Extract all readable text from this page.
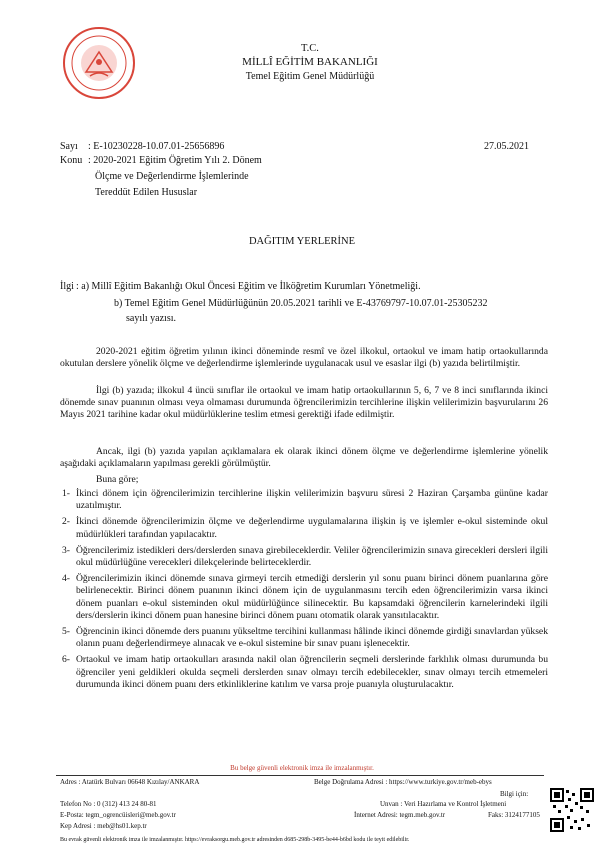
T.C.
MİLLÎ EĞİTİM BAKANLIĞI
Temel Eğitim Genel Müdürlüğü
Sayı : E-10230228-10.07.01-25656896	27.05.2021
Konu : 2020-2021 Eğitim Öğretim Yılı 2. Dönem
Ölçme ve Değerlendirme İşlemlerinde
Tereddüt Edilen Hususlar
DAĞITIM YERLERİNE
İlgi : a) Millî Eğitim Bakanlığı Okul Öncesi Eğitim ve İlköğretim Kurumları Yönetmeliği.
b) Temel Eğitim Genel Müdürlüğünün 20.05.2021 tarihli ve E-43769797-10.07.01-25305232
sayılı yazısı.
2020-2021 eğitim öğretim yılının ikinci döneminde resmî ve özel ilkokul, ortaokul ve imam hatip ortaokullarında okutulan derslere yönelik ölçme ve değerlendirme işlemlerinde uygulanacak usul ve esaslar ilgi (b) yazıda belirtilmiştir.
İlgi (b) yazıda; ilkokul 4 üncü sınıflar ile ortaokul ve imam hatip ortaokullarının 5, 6, 7 ve 8 inci sınıflarında ikinci dönemde sınav puanının olması veya olmaması durumunda öğrencilerimizin tercihlerine ilişkin velilerimizin başvurularını 26 Mayıs 2021 tarihine kadar okul müdürlüklerine teslim etmesi gerektiği ifade edilmiştir.
Ancak, ilgi (b) yazıda yapılan açıklamalara ek olarak ikinci dönem ölçme ve değerlendirme işlemlerine yönelik aşağıdaki açıklamaların yapılması gerekli görülmüştür.
Buna göre;
1- İkinci dönem için öğrencilerimizin tercihlerine ilişkin velilerimizin başvuru süresi 2 Haziran Çarşamba gününe kadar uzatılmıştır.
2- İkinci dönemde öğrencilerimizin ölçme ve değerlendirme uygulamalarına ilişkin iş ve işlemler e-okul sisteminde okul müdürlükleri tarafından yapılacaktır.
3- Öğrencilerimiz istedikleri ders/derslerden sınava girebileceklerdir. Veliler öğrencilerimizin sınava girecekleri dersleri ilgili okul müdürlüğüne verecekleri dilekçelerinde belirteceklerdir.
4- Öğrencilerimizin ikinci dönemde sınava girmeyi tercih etmediği derslerin yıl sonu puanı birinci dönem puanlarına göre belirlenecektir. Birinci dönem puanının ikinci dönem için de uygulanmasını tercih eden öğrencilerimizin varsa ikinci dönem puanları e-okul sisteminden okul müdürlüğünce silinecektir. Bu kapsamdaki öğrencilerin karnelerindeki ilgili ders/derslerin ikinci dönem puan hanesine birinci dönem puanı otomatik olarak yansıtılacaktır.
5- Öğrencinin ikinci dönemde ders puanını yükseltme tercihini kullanması hâlinde ikinci dönemde girdiği sınavlardan yüksek olanın puanı değerlendirmeye alınacak ve e-okul sistemine bir sınav puanı işlenecektir.
6- Ortaokul ve imam hatip ortaokulları arasında nakil olan öğrencilerin seçmeli derslerinde farklılık olması durumunda bu öğrenciler yeni geldikleri okulda seçmeli derslerden sınav olmayı tercih edebilecekler, sınav olmayı tercih etmemeleri durumunda ikinci dönem puanı ders etkinliklerine katılım ve varsa proje puanıyla oluşturulacaktır.
Bu belge güvenli elektronik imza ile imzalanmıştır.
Adres : Atatürk Bulvarı 06648 Kızılay/ANKARA	Belge Doğrulama Adresi : https://www.turkiye.gov.tr/meb-ebys
Bilgi için:
Telefon No : 0 (312) 413 24 80-81	Unvan : Veri Hazırlama ve Kontrol İşletmeni
E-Posta: tegm_ogrencüisleri@meb.gov.tr	İnternet Adresi: tegm.meb.gov.tr	Faks: 3124177105
Kep Adresi : meb@hs01.kep.tr
Bu evrak güvenli elektronik imza ile imzalanmıştır. https://evraksorgu.meb.gov.tr adresinden d685-298b-3495-be44-b6bd kodu ile teyit edilebilir.
